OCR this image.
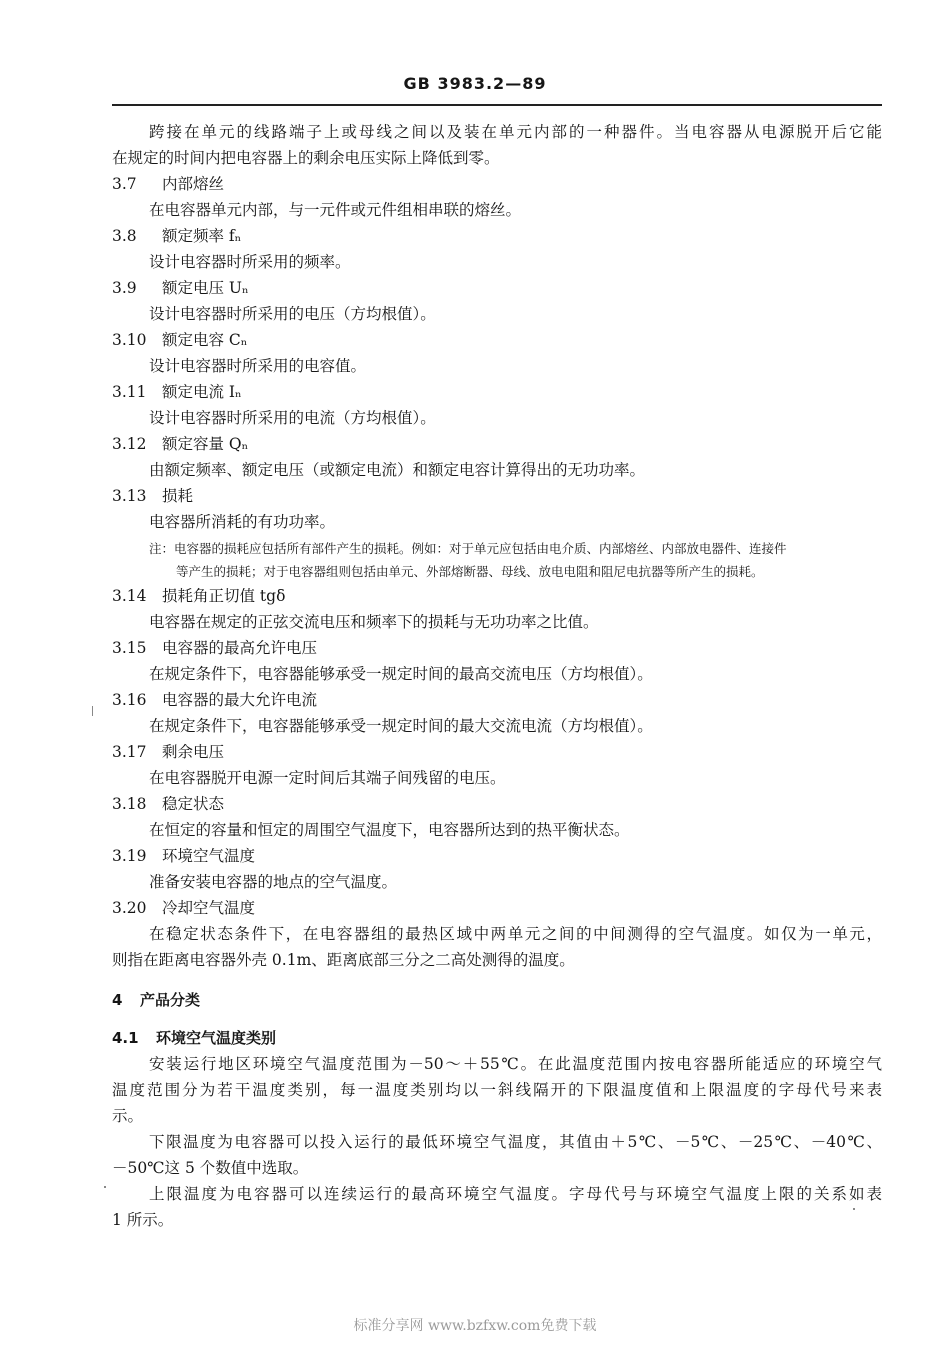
GB 3983.2—89
跨接在单元的线路端子上或母线之间以及装在单元内部的一种器件。当电容器从电源脱开后它能
在规定的时间内把电容器上的剩余电压实际上降低到零。
3.7 内部熔丝
在电容器单元内部，与一元件或元件组相串联的熔丝。
3.8 额定频率 fₙ
设计电容器时所采用的频率。
3.9 额定电压 Uₙ
设计电容器时所采用的电压（方均根值）。
3.10 额定电容 Cₙ
设计电容器时所采用的电容值。
3.11 额定电流 Iₙ
设计电容器时所采用的电流（方均根值）。
3.12 额定容量 Qₙ
由额定频率、额定电压（或额定电流）和额定电容计算得出的无功功率。
3.13 损耗
电容器所消耗的有功功率。
注：电容器的损耗应包括所有部件产生的损耗。例如：对于单元应包括由电介质、内部熔丝、内部放电器件、连接件
等产生的损耗；对于电容器组则包括由单元、外部熔断器、母线、放电电阻和阻尼电抗器等所产生的损耗。
3.14 损耗角正切值 tgδ
电容器在规定的正弦交流电压和频率下的损耗与无功功率之比值。
3.15 电容器的最高允许电压
在规定条件下，电容器能够承受一规定时间的最高交流电压（方均根值）。
3.16 电容器的最大允许电流
在规定条件下，电容器能够承受一规定时间的最大交流电流（方均根值）。
3.17 剩余电压
在电容器脱开电源一定时间后其端子间残留的电压。
3.18 稳定状态
在恒定的容量和恒定的周围空气温度下，电容器所达到的热平衡状态。
3.19 环境空气温度
准备安装电容器的地点的空气温度。
3.20 冷却空气温度
在稳定状态条件下，在电容器组的最热区域中两单元之间的中间测得的空气温度。如仅为一单元，
则指在距离电容器外壳 0.1m、距离底部三分之二高处测得的温度。
4 产品分类
4.1 环境空气温度类别
安装运行地区环境空气温度范围为－50～＋55℃。在此温度范围内按电容器所能适应的环境空气
温度范围分为若干温度类别，每一温度类别均以一斜线隔开的下限温度值和上限温度的字母代号来表
示。
下限温度为电容器可以投入运行的最低环境空气温度，其值由＋5℃、－5℃、－25℃、－40℃、
－50℃这 5 个数值中选取。
上限温度为电容器可以连续运行的最高环境空气温度。字母代号与环境空气温度上限的关系如表
1 所示。
标准分享网 www.bzfxw.com免费下载
